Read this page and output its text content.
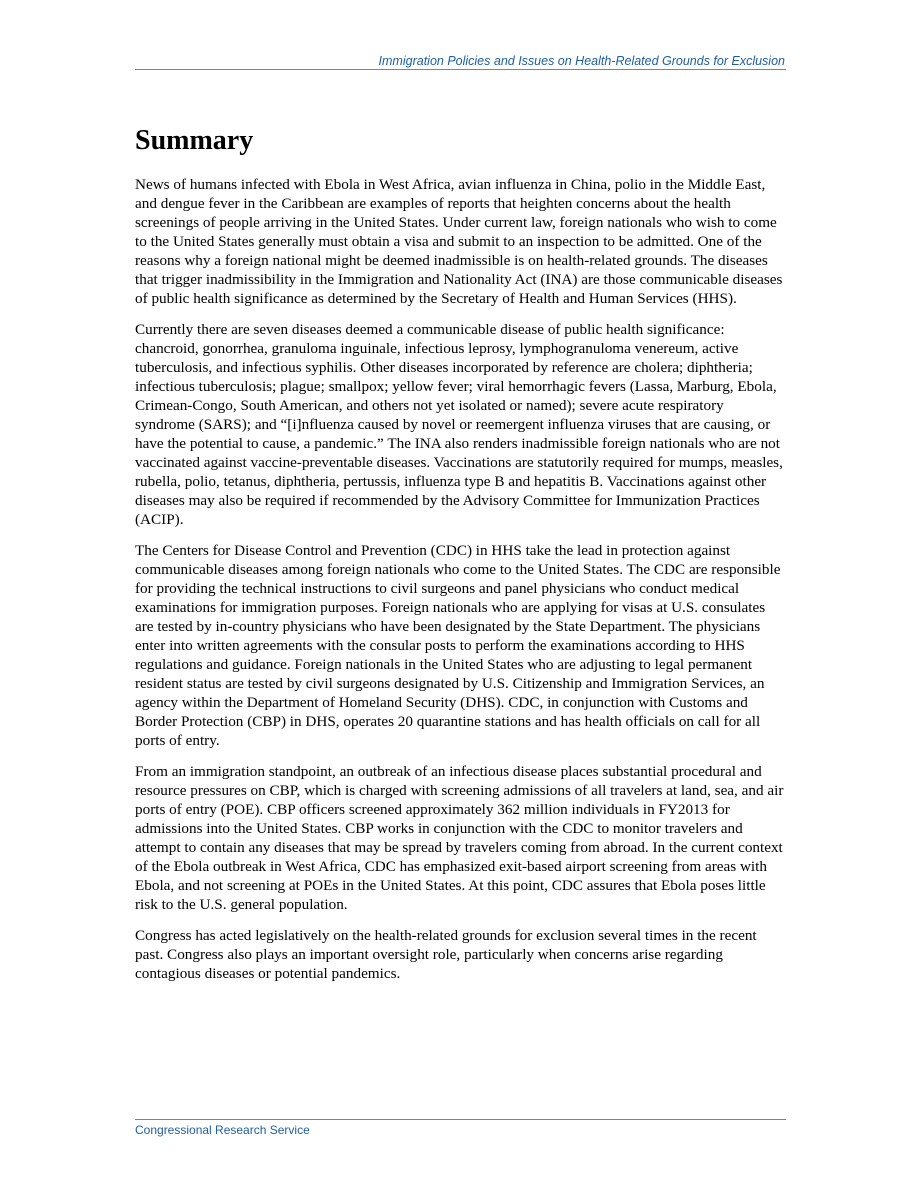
Immigration Policies and Issues on Health-Related Grounds for Exclusion
Summary

News of humans infected with Ebola in West Africa, avian influenza in China, polio in the Middle East, and dengue fever in the Caribbean are examples of reports that heighten concerns about the health screenings of people arriving in the United States. Under current law, foreign nationals who wish to come to the United States generally must obtain a visa and submit to an inspection to be admitted. One of the reasons why a foreign national might be deemed inadmissible is on health-related grounds. The diseases that trigger inadmissibility in the Immigration and Nationality Act (INA) are those communicable diseases of public health significance as determined by the Secretary of Health and Human Services (HHS).

Currently there are seven diseases deemed a communicable disease of public health significance: chancroid, gonorrhea, granuloma inguinale, infectious leprosy, lymphogranuloma venereum, active tuberculosis, and infectious syphilis. Other diseases incorporated by reference are cholera; diphtheria; infectious tuberculosis; plague; smallpox; yellow fever; viral hemorrhagic fevers (Lassa, Marburg, Ebola, Crimean-Congo, South American, and others not yet isolated or named); severe acute respiratory syndrome (SARS); and “[i]nfluenza caused by novel or reemergent influenza viruses that are causing, or have the potential to cause, a pandemic.” The INA also renders inadmissible foreign nationals who are not vaccinated against vaccine-preventable diseases. Vaccinations are statutorily required for mumps, measles, rubella, polio, tetanus, diphtheria, pertussis, influenza type B and hepatitis B. Vaccinations against other diseases may also be required if recommended by the Advisory Committee for Immunization Practices (ACIP).

The Centers for Disease Control and Prevention (CDC) in HHS take the lead in protection against communicable diseases among foreign nationals who come to the United States. The CDC are responsible for providing the technical instructions to civil surgeons and panel physicians who conduct medical examinations for immigration purposes. Foreign nationals who are applying for visas at U.S. consulates are tested by in-country physicians who have been designated by the State Department. The physicians enter into written agreements with the consular posts to perform the examinations according to HHS regulations and guidance. Foreign nationals in the United States who are adjusting to legal permanent resident status are tested by civil surgeons designated by U.S. Citizenship and Immigration Services, an agency within the Department of Homeland Security (DHS). CDC, in conjunction with Customs and Border Protection (CBP) in DHS, operates 20 quarantine stations and has health officials on call for all ports of entry.

From an immigration standpoint, an outbreak of an infectious disease places substantial procedural and resource pressures on CBP, which is charged with screening admissions of all travelers at land, sea, and air ports of entry (POE). CBP officers screened approximately 362 million individuals in FY2013 for admissions into the United States. CBP works in conjunction with the CDC to monitor travelers and attempt to contain any diseases that may be spread by travelers coming from abroad. In the current context of the Ebola outbreak in West Africa, CDC has emphasized exit-based airport screening from areas with Ebola, and not screening at POEs in the United States. At this point, CDC assures that Ebola poses little risk to the U.S. general population.

Congress has acted legislatively on the health-related grounds for exclusion several times in the recent past. Congress also plays an important oversight role, particularly when concerns arise regarding contagious diseases or potential pandemics.

Congressional Research Service
